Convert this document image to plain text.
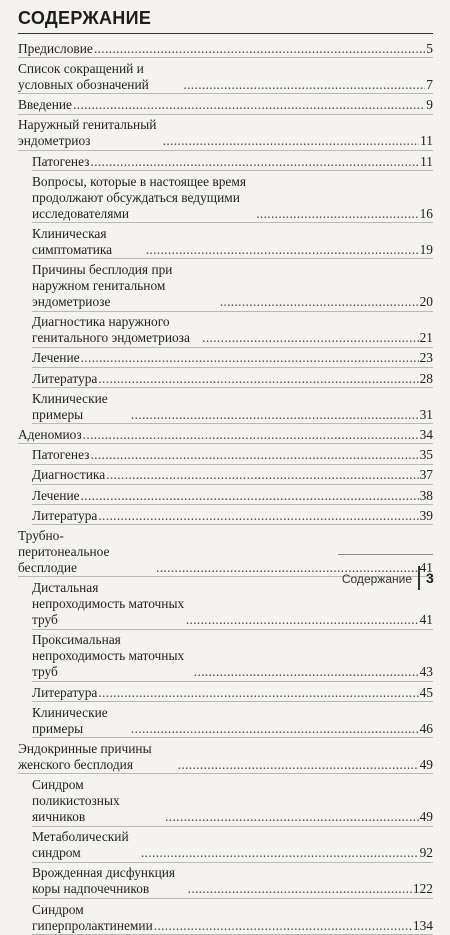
СОДЕРЖАНИЕ
Предисловие . . .	5
Список сокращений и условных обозначений . . .	7
Введение . . .	9
Наружный генитальный эндометриоз . . .	11
Патогенез . . .	11
Вопросы, которые в настоящее время продолжают обсуждаться ведущими исследователями . . .	16
Клиническая симптоматика . . .	19
Причины бесплодия при наружном генитальном эндометриозе . . .	20
Диагностика наружного генитального эндометриоза . . .	21
Лечение . . .	23
Литература . . .	28
Клинические примеры . . .	31
Аденомиоз . . .	34
Патогенез . . .	35
Диагностика . . .	37
Лечение . . .	38
Литература . . .	39
Трубно-перитонеальное бесплодие . . .	41
Дистальная непроходимость маточных труб . . .	41
Проксимальная непроходимость маточных труб . . .	43
Литература . . .	45
Клинические примеры . . .	46
Эндокринные причины женского бесплодия . . .	49
Синдром поликистозных яичников . . .	49
Метаболический синдром . . .	92
Врожденная дисфункция коры надпочечников . . .	122
Синдром гиперпролактинемии . . .	134
Содержание 3
